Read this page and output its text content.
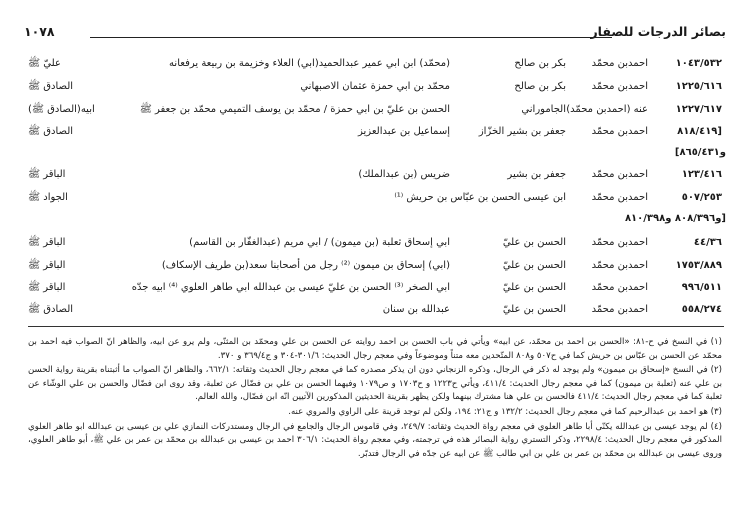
بصائر الدرجات للصفار
١٠٧٨
١٠٤٣/٥٣٢
احمدبن محمّد
بكر بن صالح
(محمّد) ابن ابي عمير عبدالحميد(ابي) العلاء وخزيمة بن ربيعة يرفعانه
عليّ ﷺ
١٢٢٥/٦١٦
احمدبن محمّد
بكر بن صالح
محمّد بن ابي حمزة عثمان الاصبهاني
الصادق ﷺ
١٢٢٧/٦١٧
عنه (احمدبن محمّد)
الجاموراني
الحسن بن عليّ بن ابي حمزة / محمّد بن يوسف التميمي محمّد بن جعفر ﷺ
ابيه(الصادق ﷺ)
[٨١٨/٤١٩
احمدبن محمّد
جعفر بن بشير الخزّاز
إسماعيل بن عبدالعزيز
الصادق ﷺ
و٨٦٥/٤٣١]
١٢٣/٤١٦
احمدبن محمّد
جعفر بن بشير
ضريس (بن عبدالملك)
الباقر ﷺ
٥٠٧/٢٥٣
احمدبن محمّد
ابن عيسى الحسن بن عبّاس بن حريش ⁽¹⁾
الجواد ﷺ
[و٨٠٨/٣٩٦ و٨١٠/٣٩٨
٤٤/٣٦
احمدبن محمّد
الحسن بن عليّ
ابي إسحاق ثعلبة (بن ميمون) / ابي مريم (عبدالغفّار بن القاسم)
الباقر ﷺ
١٧٥٣/٨٨٩
احمدبن محمّد
الحسن بن عليّ
(ابي) إسحاق بن ميمون ⁽²⁾ رجل من أصحابنا سعد(بن طريف الإسكاف)
الباقر ﷺ
٩٩٦/٥١١
احمدبن محمّد
الحسن بن عليّ
ابي الصخر ⁽³⁾ الحسن بن عليّ عيسى بن عبدالله ابي طاهر العلوي ⁽⁴⁾ ابيه جدّه
الباقر ﷺ
٥٥٨/٢٧٤
احمدبن محمّد
الحسن بن عليّ
عبدالله بن سنان
الصادق ﷺ

(١) في النسخ في ح-٨١: «الحسن بن احمد بن محمّد، عن ابيه» ويأتي في باب الحسن بن احمد روايته عن الحسن بن علي ومحمّد بن المثنّى، ولم يرو عن ابيه، والظاهر انّ الصواب فيه احمد بن محمّد عن الحسن بن عبّاس بن حريش كما في ح٥٠٧ و٨٠٨ المتّحدين معه متناً وموضوعاً وفي معجم رجال الحديث: ٣٠١/٦-٣٠٤ و ج٣٦٩/٤ و ٣٧٠.

(٢) في النسخ «إسحاق بن ميمون» ولم يوجد له ذكر في الرجال، وذكره الزنجاني دون ان يذكر مصدره كما في معجم رجال الحديث وثقاته: ٦٦٢/١، والظاهر انّ الصواب ما أثبتناه بقرينة رواية الحسن بن علي عنه (ثعلبة بن ميمون) كما في معجم رجال الحديث: ٤١١/٤، ويأتي ح١٢٢٣ و ح١٧٠٣ و ص١٠٧٩ وفيهما الحسن بن علي بن فضّال عن ثعلبة، وقد روى ابن فضّال والحسن بن علي الوشّاء عن ثعلبة كما في معجم رجال الحديث: ٤١١/٤ فالحسن بن علي هنا مشترك بينهما ولكن يظهر بقرينة الحديثين المذكورين الآتيين انّه ابن فضّال، والله العالم.

(٣) هو احمد بن عبدالرحيم كما في معجم رجال الحديث: ١٣٢/٢ و ج٢١: ١٩٤، ولكن لم توجد قرينة على الراوي والمروي عنه.

(٤) لم يوجد عيسى بن عبدالله يكنّى أبا طاهر العلوي في معجم رواة الحديث وثقاته: ٢٤٩/٧، وفي قاموس الرجال والجامع في الرجال ومستدركات النمازي علي بن عيسى بن عبدالله ابو طاهر العلوي المذكور في معجم رجال الحديث: ٢٢٩٨/٤، وذكر التستري رواية البصائر هذه في ترجمته، وفي معجم رواة الحديث: ٣٠٦/١ احمد بن عيسى بن عبدالله بن محمّد بن عمر بن علي ﷺ، أبو طاهر العلوي، وروى عيسى بن عبدالله بن محمّد بن عمر بن علي بن ابي طالب ﷺ عن ابيه عن جدّه في الرجال فتدبّر.
